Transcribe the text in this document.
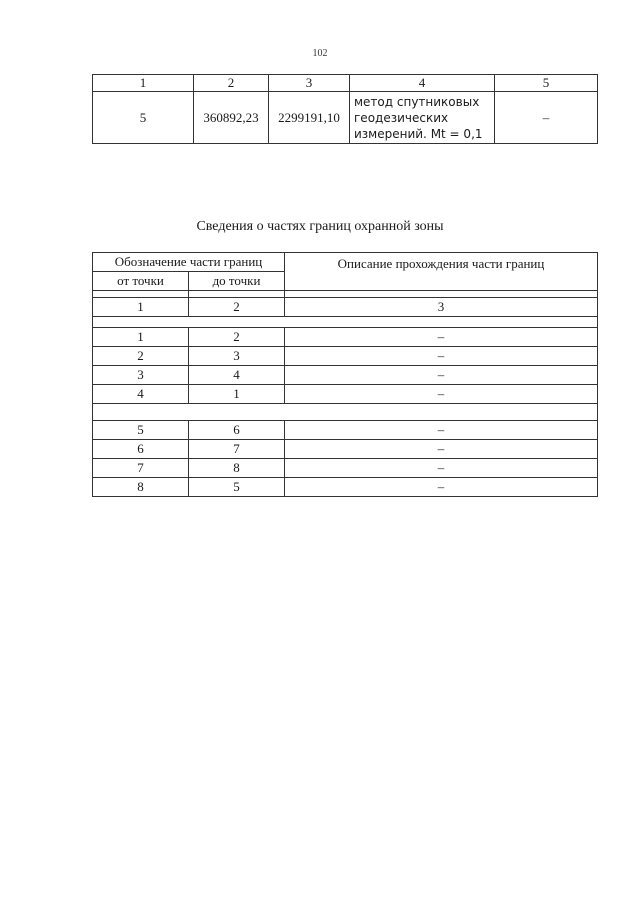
102
1	2	3	4	5
5	360892,23	2299191,10	метод спутниковых
геодезических
измерений. Mt = 0,1	–
Сведения о частях границ охранной зоны
Обозначение части границ		Описание прохождения части границ
от точки	до точки	

1	2	3

1	2	–
2	3	–
3	4	–
4	1	–

5	6	–
6	7	–
7	8	–
8	5	–
